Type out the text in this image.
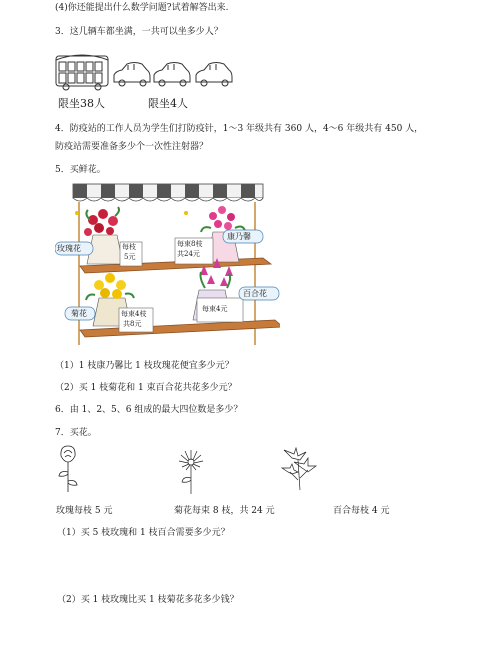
(4)你还能提出什么数学问题?试着解答出来.
3．这几辆车都坐满，一共可以坐多少人？
限坐38人	限坐4人
4．防疫站的工作人员为学生们打防疫针，1～3 年级共有 360 人，4～6 年级共有 450 人，
防疫站需要准备多少个一次性注射器？
5．买鲜花。
玫瑰花	每枝
5元
每束8枝
共24元
康乃馨
百合花
菊花	每束4枝
共8元
每束4元
（1）1 枝康乃馨比 1 枝玫瑰花便宜多少元？
（2）买 1 枝菊花和 1 束百合花共花多少元？
6．由 1、2、5、6 组成的最大四位数是多少？
7．买花。
玫瑰每枝 5 元	菊花每束 8 枝，共 24 元	百合每枝 4 元
（1）买 5 枝玫瑰和 1 枝百合需要多少元？
（2）买 1 枝玫瑰比买 1 枝菊花多花多少钱？
